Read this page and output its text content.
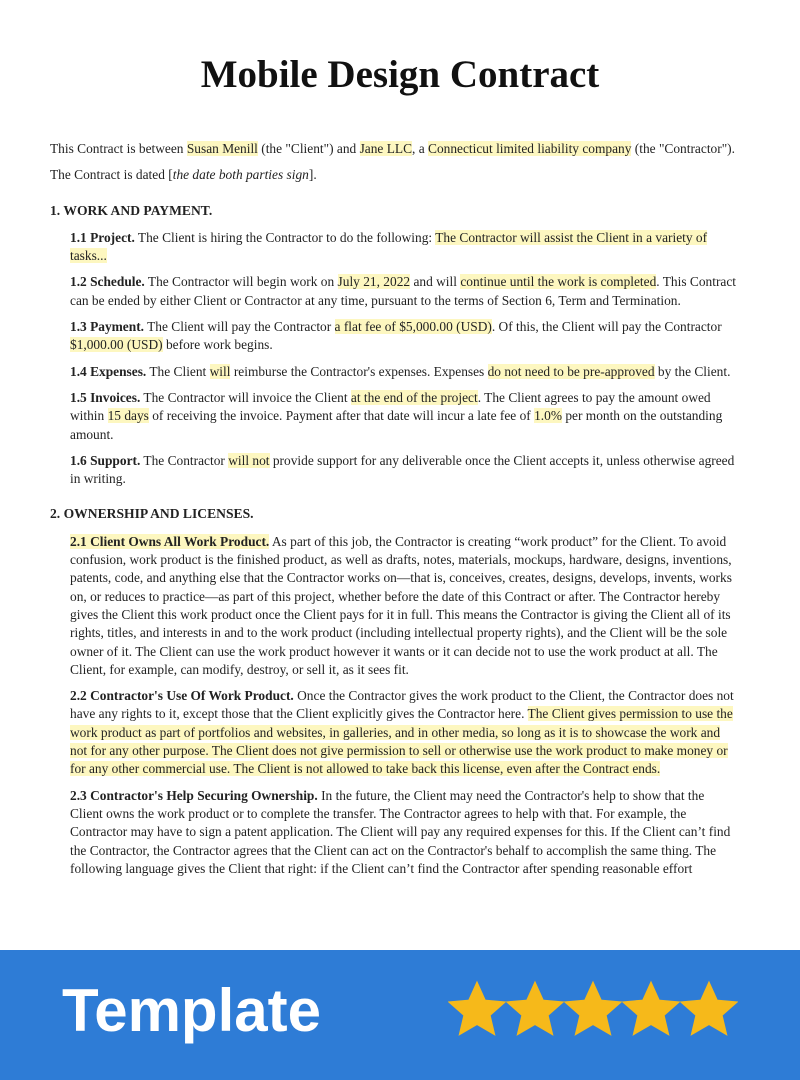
Mobile Design Contract

This Contract is between Susan Menill (the "Client") and Jane LLC, a Connecticut limited liability company (the "Contractor").

The Contract is dated [the date both parties sign].

1. WORK AND PAYMENT.

1.1 Project. The Client is hiring the Contractor to do the following: The Contractor will assist the Client in a variety of tasks...

1.2 Schedule. The Contractor will begin work on July 21, 2022 and will continue until the work is completed. This Contract can be ended by either Client or Contractor at any time, pursuant to the terms of Section 6, Term and Termination.

1.3 Payment. The Client will pay the Contractor a flat fee of $5,000.00 (USD). Of this, the Client will pay the Contractor $1,000.00 (USD) before work begins.

1.4 Expenses. The Client will reimburse the Contractor's expenses. Expenses do not need to be pre-approved by the Client.

1.5 Invoices. The Contractor will invoice the Client at the end of the project. The Client agrees to pay the amount owed within 15 days of receiving the invoice. Payment after that date will incur a late fee of 1.0% per month on the outstanding amount.

1.6 Support. The Contractor will not provide support for any deliverable once the Client accepts it, unless otherwise agreed in writing.

2. OWNERSHIP AND LICENSES.

2.1 Client Owns All Work Product. As part of this job, the Contractor is creating “work product” for the Client. To avoid confusion, work product is the finished product, as well as drafts, notes, materials, mockups, hardware, designs, inventions, patents, code, and anything else that the Contractor works on—that is, conceives, creates, designs, develops, invents, works on, or reduces to practice—as part of this project, whether before the date of this Contract or after. The Contractor hereby gives the Client this work product once the Client pays for it in full. This means the Contractor is giving the Client all of its rights, titles, and interests in and to the work product (including intellectual property rights), and the Client will be the sole owner of it. The Client can use the work product however it wants or it can decide not to use the work product at all. The Client, for example, can modify, destroy, or sell it, as it sees fit.

2.2 Contractor's Use Of Work Product. Once the Contractor gives the work product to the Client, the Contractor does not have any rights to it, except those that the Client explicitly gives the Contractor here. The Client gives permission to use the work product as part of portfolios and websites, in galleries, and in other media, so long as it is to showcase the work and not for any other purpose. The Client does not give permission to sell or otherwise use the work product to make money or for any other commercial use. The Client is not allowed to take back this license, even after the Contract ends.

2.3 Contractor's Help Securing Ownership. In the future, the Client may need the Contractor's help to show that the Client owns the work product or to complete the transfer. The Contractor agrees to help with that. For example, the Contractor may have to sign a patent application. The Client will pay any required expenses for this. If the Client can’t find the Contractor, the Contractor agrees that the Client can act on the Contractor's behalf to accomplish the same thing. The following language gives the Client that right: if the Client can’t find the Contractor after spending reasonable effort

Template
